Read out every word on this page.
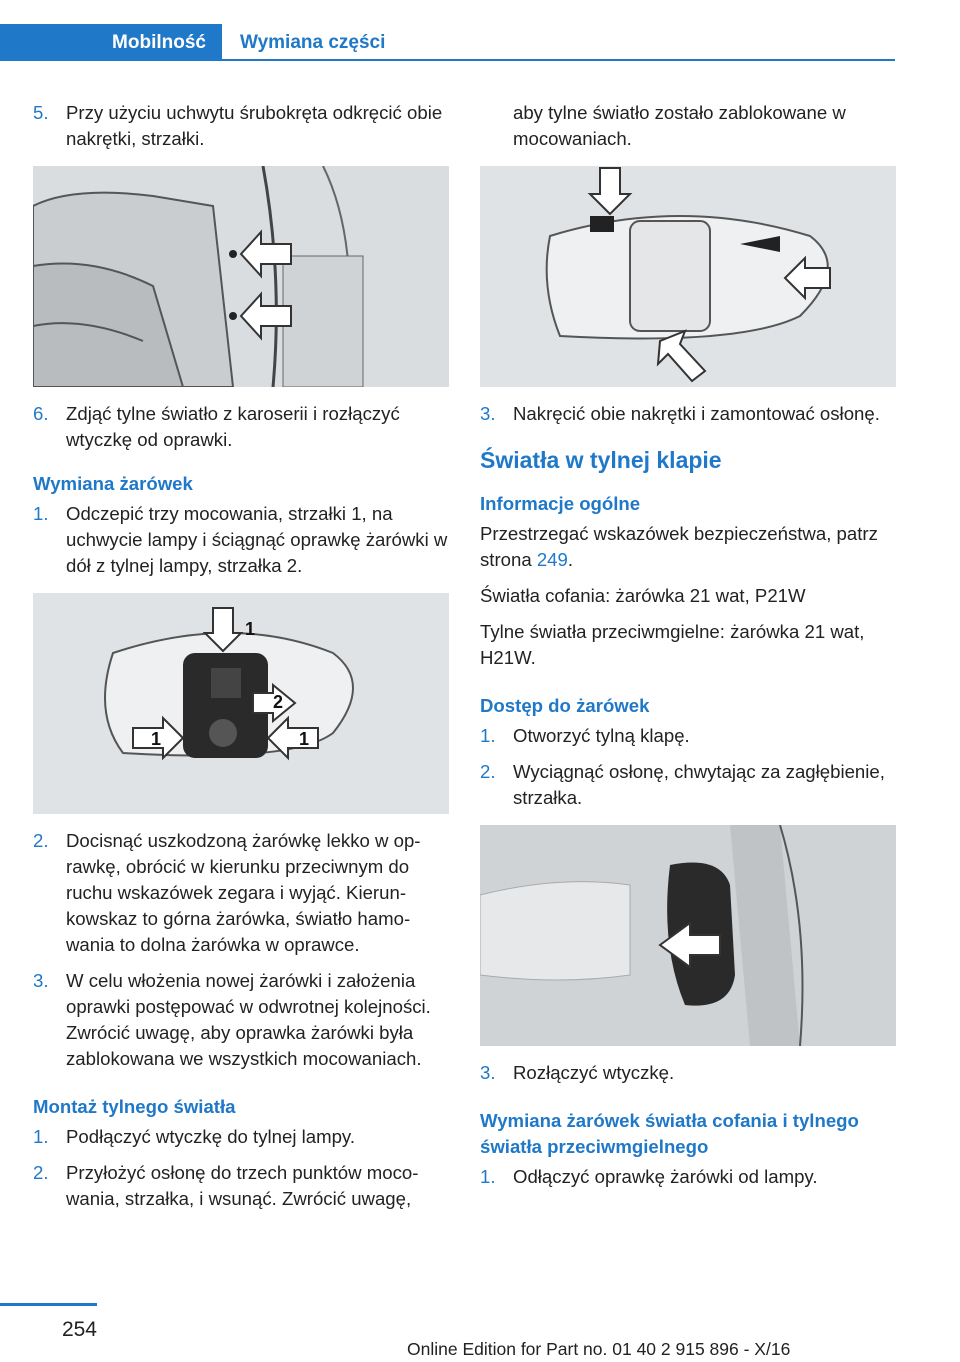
Mobilność	Wymiana części
5. Przy użyciu uchwytu śrubokręta odkręcić obie nakrętki, strzałki.
6. Zdjąć tylne światło z karoserii i rozłączyć wtyczkę od oprawki.
Wymiana żarówek
1. Odczepić trzy mocowania, strzałki 1, na uchwycie lampy i ściągnąć oprawkę żarówki w dół z tylnej lampy, strzałka 2.
1
2
1	1
2. Docisnąć uszkodzoną żarówkę lekko w oprawkę, obrócić w kierunku przeciwnym do ruchu wskazówek zegara i wyjąć. Kierunkowskaz to górna żarówka, światło hamowania to dolna żarówka w oprawce.
3. W celu włożenia nowej żarówki i założenia oprawki postępować w odwrotnej kolejności. Zwrócić uwagę, aby oprawka żarówki była zablokowana we wszystkich mocowaniach.
Montaż tylnego światła
1. Podłączyć wtyczkę do tylnej lampy.
2. Przyłożyć osłonę do trzech punktów mocowania, strzałka, i wsunąć. Zwrócić uwagę,
aby tylne światło zostało zablokowane w mocowaniach.
3. Nakręcić obie nakrętki i zamontować osłonę.
Światła w tylnej klapie
Informacje ogólne

Przestrzegać wskazówek bezpieczeństwa, patrz strona 249.

Światła cofania: żarówka 21 wat, P21W

Tylne światła przeciwmgielne: żarówka 21 wat, H21W.

Dostęp do żarówek
1. Otworzyć tylną klapę.
2. Wyciągnąć osłonę, chwytając za zagłębienie, strzałka.
3. Rozłączyć wtyczkę.
Wymiana żarówek światła cofania i tylnego światła przeciwmgielnego
1. Odłączyć oprawkę żarówki od lampy.
254
Online Edition for Part no. 01 40 2 915 896 - X/16
